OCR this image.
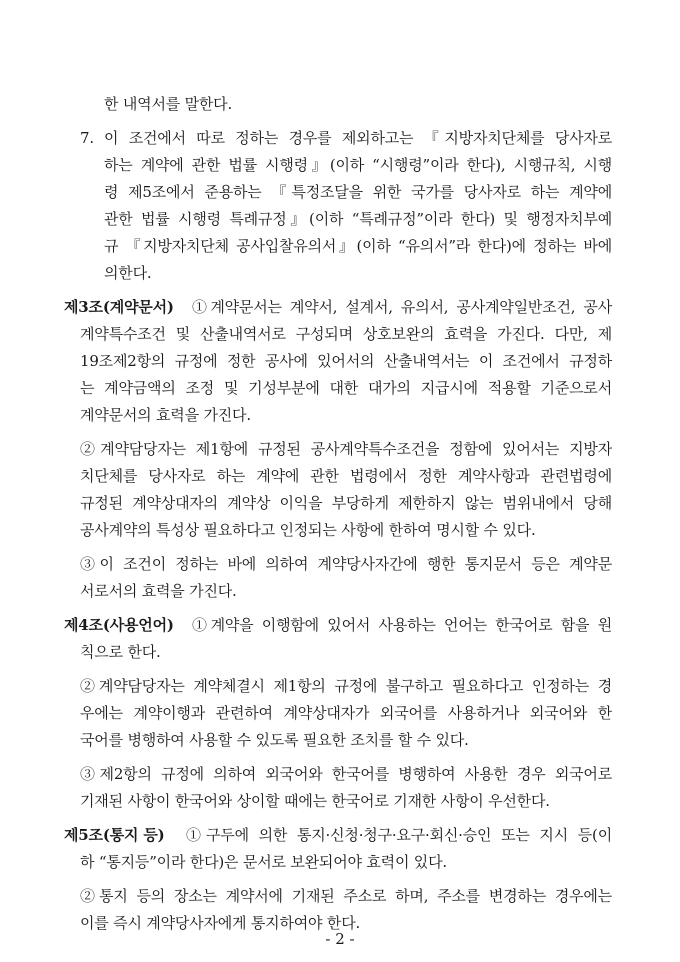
한 내역서를 말한다.
7. 이 조건에서 따로 정하는 경우를 제외하고는 『지방자치단체를 당사자로
하는 계약에 관한 법률 시행령』(이하 “시행령”이라 한다), 시행규칙, 시행
령 제5조에서 준용하는 『특정조달을 위한 국가를 당사자로 하는 계약에
관한 법률 시행령 특례규정』(이하 “특례규정”이라 한다) 및 행정자치부예
규 『지방자치단체 공사입찰유의서』(이하 “유의서”라 한다)에 정하는 바에
의한다.
제3조(계약문서) ①계약문서는 계약서, 설계서, 유의서, 공사계약일반조건, 공사
계약특수조건 및 산출내역서로 구성되며 상호보완의 효력을 가진다. 다만, 제
19조제2항의 규정에 정한 공사에 있어서의 산출내역서는 이 조건에서 규정하
는 계약금액의 조정 및 기성부분에 대한 대가의 지급시에 적용할 기준으로서
계약문서의 효력을 가진다.
②계약담당자는 제1항에 규정된 공사계약특수조건을 정함에 있어서는 지방자
치단체를 당사자로 하는 계약에 관한 법령에서 정한 계약사항과 관련법령에
규정된 계약상대자의 계약상 이익을 부당하게 제한하지 않는 범위내에서 당해
공사계약의 특성상 필요하다고 인정되는 사항에 한하여 명시할 수 있다.
③이 조건이 정하는 바에 의하여 계약당사자간에 행한 통지문서 등은 계약문
서로서의 효력을 가진다.
제4조(사용언어) ①계약을 이행함에 있어서 사용하는 언어는 한국어로 함을 원
칙으로 한다.
②계약담당자는 계약체결시 제1항의 규정에 불구하고 필요하다고 인정하는 경
우에는 계약이행과 관련하여 계약상대자가 외국어를 사용하거나 외국어와 한
국어를 병행하여 사용할 수 있도록 필요한 조치를 할 수 있다.
③제2항의 규정에 의하여 외국어와 한국어를 병행하여 사용한 경우 외국어로
기재된 사항이 한국어와 상이할 때에는 한국어로 기재한 사항이 우선한다.
제5조(통지 등) ①구두에 의한 통지·신청·청구·요구·회신·승인 또는 지시 등(이
하 “통지등”이라 한다)은 문서로 보완되어야 효력이 있다.
②통지 등의 장소는 계약서에 기재된 주소로 하며, 주소를 변경하는 경우에는
이를 즉시 계약당사자에게 통지하여야 한다.
- 2 -
